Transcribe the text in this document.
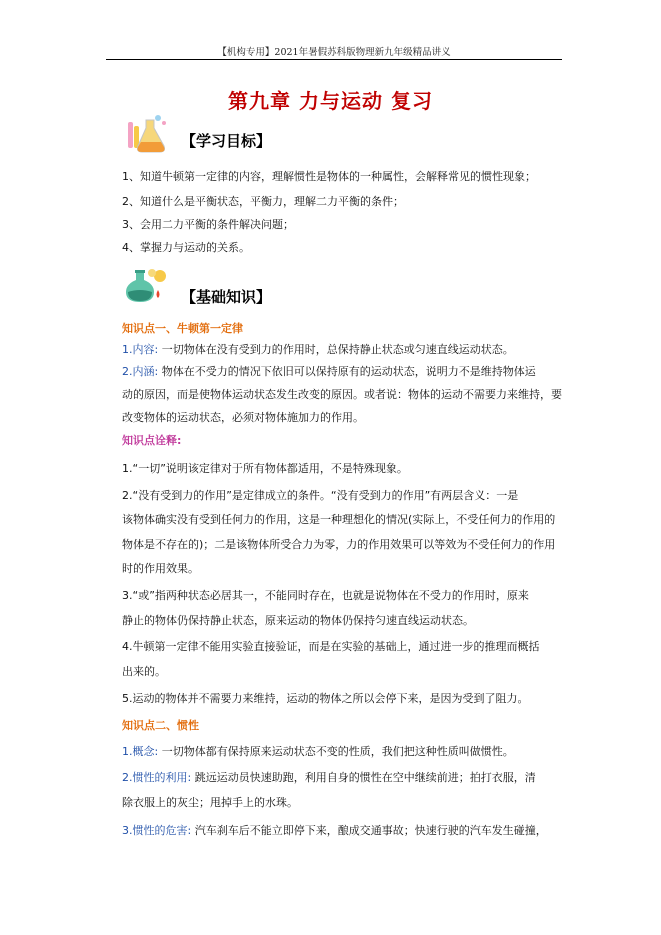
【机构专用】2021年暑假苏科版物理新九年级精品讲义
第九章 力与运动 复习
【学习目标】
1、知道牛顿第一定律的内容，理解惯性是物体的一种属性，会解释常见的惯性现象；
2、知道什么是平衡状态，平衡力，理解二力平衡的条件；
3、会用二力平衡的条件解决问题；
4、掌握力与运动的关系。
【基础知识】
知识点一、牛顿第一定律
1.内容: 一切物体在没有受到力的作用时，总保持静止状态或匀速直线运动状态。
2.内涵: 物体在不受力的情况下依旧可以保持原有的运动状态，说明力不是维持物体运
动的原因，而是使物体运动状态发生改变的原因。或者说：物体的运动不需要力来维持，要
改变物体的运动状态，必须对物体施加力的作用。
知识点诠释:
1.“一切”说明该定律对于所有物体都适用，不是特殊现象。
2.“没有受到力的作用”是定律成立的条件。“没有受到力的作用”有两层含义：一是
该物体确实没有受到任何力的作用，这是一种理想化的情况(实际上，不受任何力的作用的
物体是不存在的)；二是该物体所受合力为零，力的作用效果可以等效为不受任何力的作用
时的作用效果。
3.“或”指两种状态必居其一，不能同时存在，也就是说物体在不受力的作用时，原来
静止的物体仍保持静止状态，原来运动的物体仍保持匀速直线运动状态。
4.牛顿第一定律不能用实验直接验证，而是在实验的基础上，通过进一步的推理而概括
出来的。
5.运动的物体并不需要力来维持，运动的物体之所以会停下来，是因为受到了阻力。
知识点二、惯性
1.概念: 一切物体都有保持原来运动状态不变的性质，我们把这种性质叫做惯性。
2.惯性的利用: 跳远运动员快速助跑，利用自身的惯性在空中继续前进；拍打衣服，清
除衣服上的灰尘；甩掉手上的水珠。
3.惯性的危害: 汽车刹车后不能立即停下来，酿成交通事故；快速行驶的汽车发生碰撞，
